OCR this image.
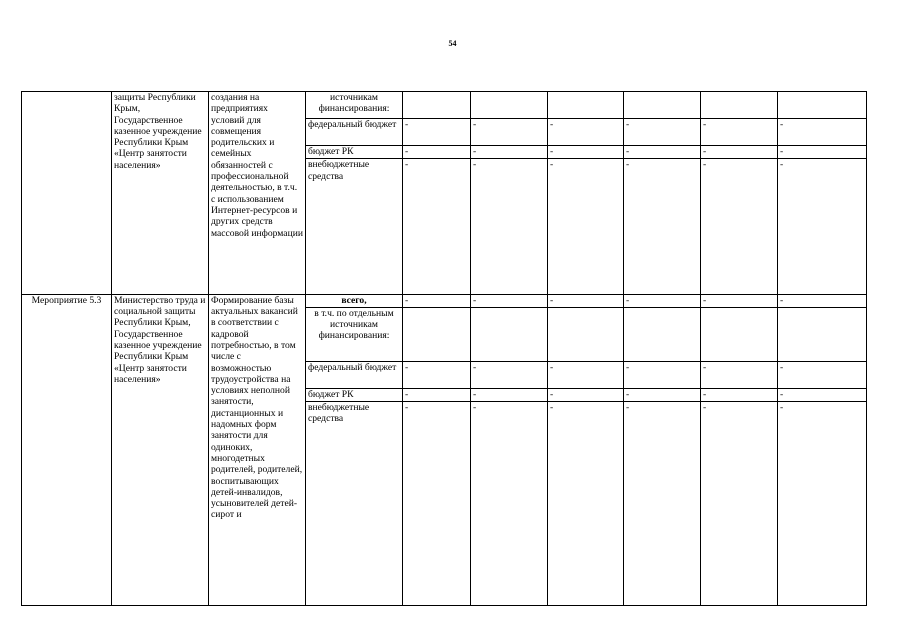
54
	защиты Республики Крым, Государственное казенное учреждение Республики Крым «Центр занятости населения»	создания на предприятиях условий для совмещения родительских и семейных обязанностей с профессиональной деятельностью, в т.ч. с использованием Интернет-ресурсов и других средств массовой информации	источникам финансирования:						
			федеральный бюджет	-	-	-	-	-	-
			бюджет РК	-	-	-	-	-	-
			внебюджетные средства	-	-	-	-	-	-
Мероприятие 5.3	Министерство труда и социальной защиты Республики Крым, Государственное казенное учреждение Республики Крым «Центр занятости населения»	Формирование базы актуальных вакансий в соответствии с кадровой потребностью, в том числе с возможностью трудоустройства на условиях неполной занятости, дистанционных и надомных форм занятости для одиноких, многодетных родителей, родителей, воспитывающих детей-инвалидов, усыновителей детей-сирот и	всего,	-	-	-	-	-	-
			в т.ч. по отдельным источникам финансирования:						
			федеральный бюджет	-	-	-	-	-	-
			бюджет РК	-	-	-	-	-	-
			внебюджетные средства	-	-	-	-	-	-
